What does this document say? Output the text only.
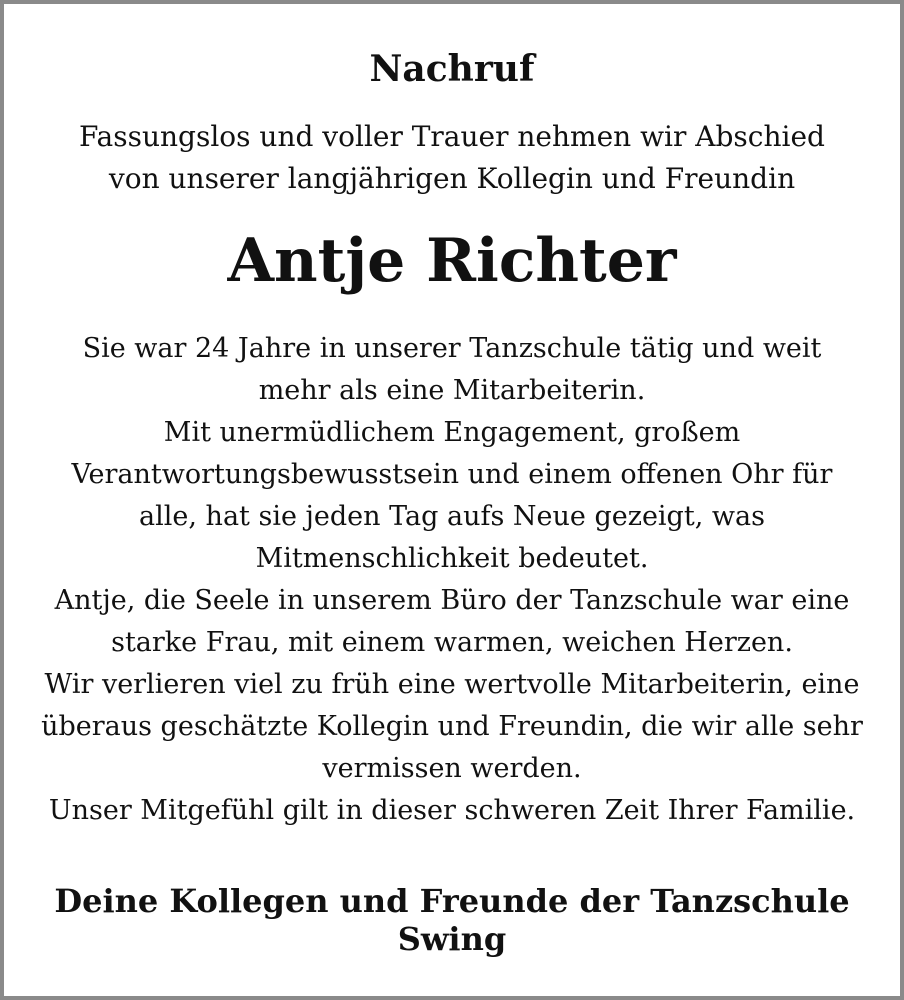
Nachruf
Fassungslos und voller Trauer nehmen wir Abschied
von unserer langjährigen Kollegin und Freundin
Antje Richter
Sie war 24 Jahre in unserer Tanzschule tätig und weit
mehr als eine Mitarbeiterin.
Mit unermüdlichem Engagement, großem
Verantwortungsbewusstsein und einem offenen Ohr für
alle, hat sie jeden Tag aufs Neue gezeigt, was
Mitmenschlichkeit bedeutet.
Antje, die Seele in unserem Büro der Tanzschule war eine
starke Frau, mit einem warmen, weichen Herzen.
Wir verlieren viel zu früh eine wertvolle Mitarbeiterin, eine
überaus geschätzte Kollegin und Freundin, die wir alle sehr
vermissen werden.
Unser Mitgefühl gilt in dieser schweren Zeit Ihrer Familie.
Deine Kollegen und Freunde der Tanzschule
Swing
